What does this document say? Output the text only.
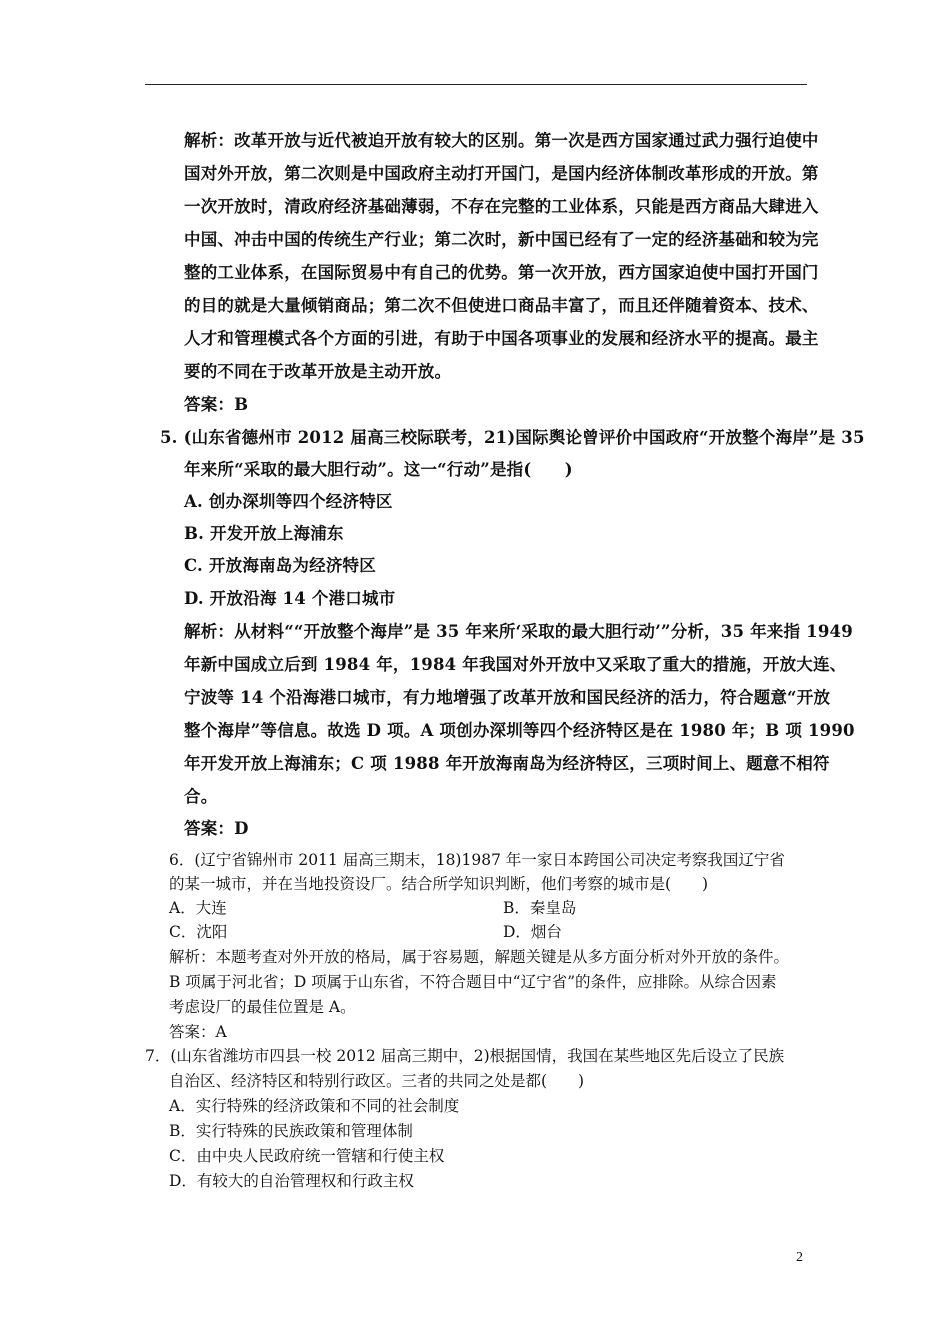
解析：改革开放与近代被迫开放有较大的区别。第一次是西方国家通过武力强行迫使中
国对外开放，第二次则是中国政府主动打开国门，是国内经济体制改革形成的开放。第
一次开放时，清政府经济基础薄弱，不存在完整的工业体系，只能是西方商品大肆进入
中国、冲击中国的传统生产行业；第二次时，新中国已经有了一定的经济基础和较为完
整的工业体系，在国际贸易中有自己的优势。第一次开放，西方国家迫使中国打开国门
的目的就是大量倾销商品；第二次不但使进口商品丰富了，而且还伴随着资本、技术、
人才和管理模式各个方面的引进，有助于中国各项事业的发展和经济水平的提高。最主
要的不同在于改革开放是主动开放。
答案：B
5. (山东省德州市 2012 届高三校际联考，21)国际舆论曾评价中国政府“开放整个海岸”是 35
年来所“采取的最大胆行动”。这一“行动”是指(　　)
A. 创办深圳等四个经济特区
B. 开发开放上海浦东
C. 开放海南岛为经济特区
D. 开放沿海 14 个港口城市
解析：从材料““开放整个海岸”是 35 年来所‘采取的最大胆行动’”分析，35 年来指 1949
年新中国成立后到 1984 年，1984 年我国对外开放中又采取了重大的措施，开放大连、
宁波等 14 个沿海港口城市，有力地增强了改革开放和国民经济的活力，符合题意“开放
整个海岸”等信息。故选 D 项。A 项创办深圳等四个经济特区是在 1980 年；B 项 1990
年开发开放上海浦东；C 项 1988 年开放海南岛为经济特区，三项时间上、题意不相符
合。
答案：D
6．(辽宁省锦州市 2011 届高三期末，18)1987 年一家日本跨国公司决定考察我国辽宁省
的某一城市，并在当地投资设厂。结合所学知识判断，他们考察的城市是(　　)
A．大连	B．秦皇岛
C．沈阳	D．烟台
解析：本题考查对外开放的格局，属于容易题，解题关键是从多方面分析对外开放的条件。
B 项属于河北省；D 项属于山东省，不符合题目中“辽宁省”的条件，应排除。从综合因素
考虑设厂的最佳位置是 A。
答案：A
7．(山东省潍坊市四县一校 2012 届高三期中，2)根据国情，我国在某些地区先后设立了民族
自治区、经济特区和特别行政区。三者的共同之处是都(　　)
A．实行特殊的经济政策和不同的社会制度
B．实行特殊的民族政策和管理体制
C．由中央人民政府统一管辖和行使主权
D．有较大的自治管理权和行政主权
2
